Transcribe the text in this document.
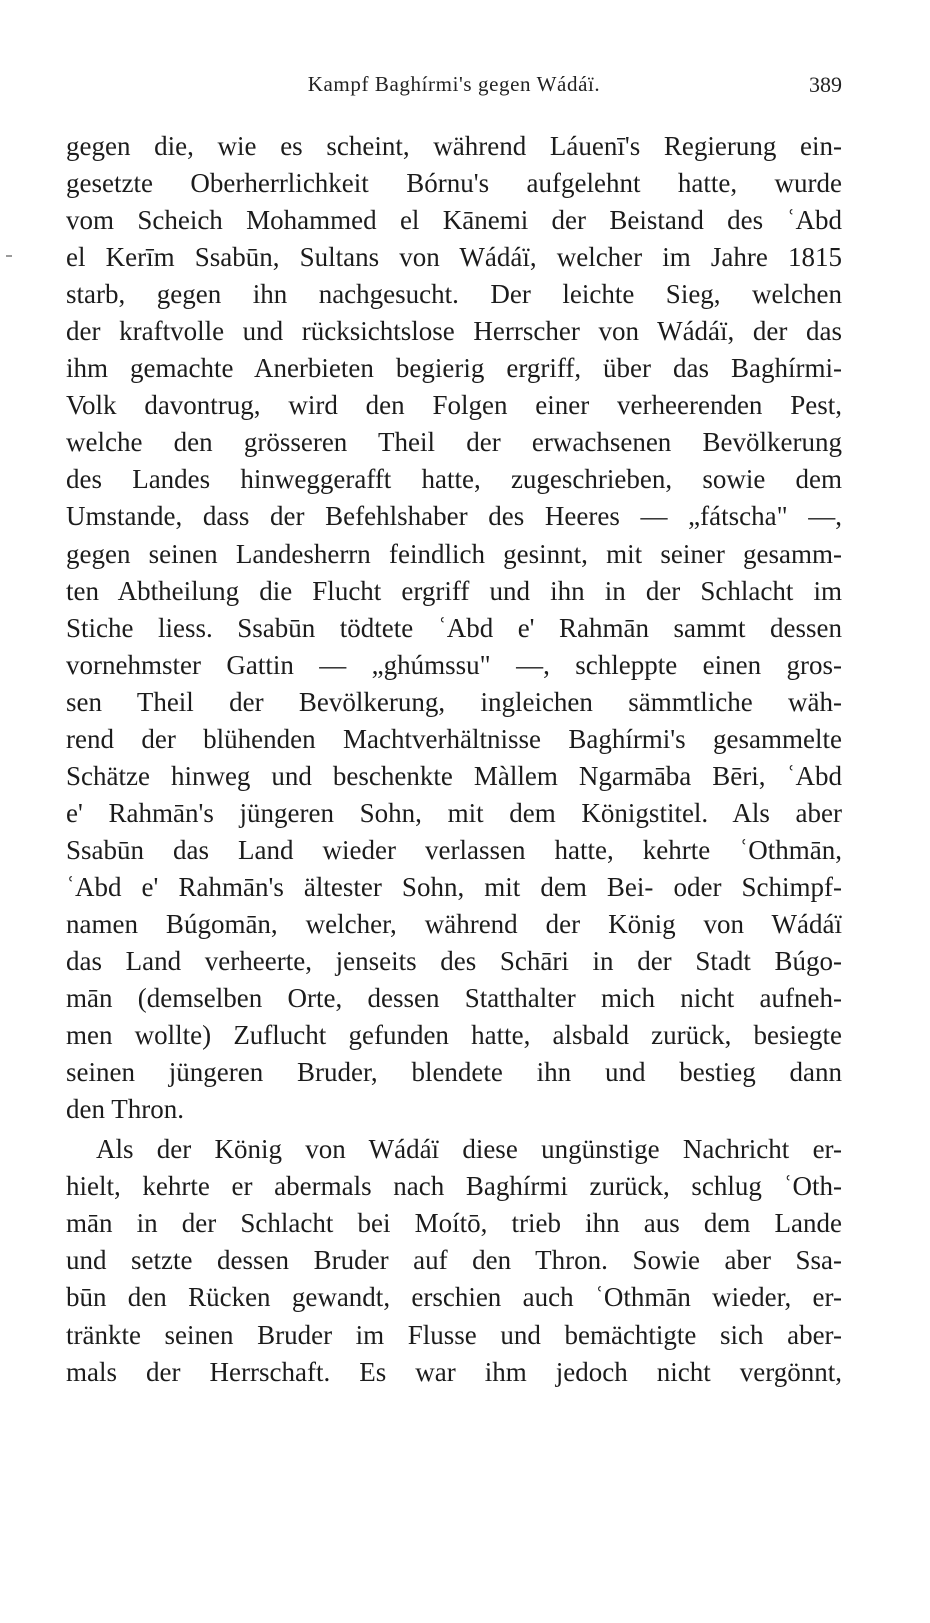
Kampf Baghírmi's gegen Wádáï.	389
gegen die, wie es scheint, während Láuenī's Regierung ein-
gesetzte Oberherrlichkeit Bórnu's aufgelehnt hatte, wurde
vom Scheich Mohammed el Kānemi der Beistand des ʿAbd
el Kerīm Ssabūn, Sultans von Wádáï, welcher im Jahre 1815
starb, gegen ihn nachgesucht. Der leichte Sieg, welchen
der kraftvolle und rücksichtslose Herrscher von Wádáï, der das
ihm gemachte Anerbieten begierig ergriff, über das Baghírmi-
Volk davontrug, wird den Folgen einer verheerenden Pest,
welche den grösseren Theil der erwachsenen Bevölkerung
des Landes hinweggerafft hatte, zugeschrieben, sowie dem
Umstande, dass der Befehlshaber des Heeres — „fátscha" —,
gegen seinen Landesherrn feindlich gesinnt, mit seiner gesamm-
ten Abtheilung die Flucht ergriff und ihn in der Schlacht im
Stiche liess. Ssabūn tödtete ʿAbd e' Rahmān sammt dessen
vornehmster Gattin — „ghúmssu" —, schleppte einen gros-
sen Theil der Bevölkerung, ingleichen sämmtliche wäh-
rend der blühenden Machtverhältnisse Baghírmi's gesammelte
Schätze hinweg und beschenkte Màllem Ngarmāba Bēri, ʿAbd
e' Rahmān's jüngeren Sohn, mit dem Königstitel. Als aber
Ssabūn das Land wieder verlassen hatte, kehrte ʿOthmān,
ʿAbd e' Rahmān's ältester Sohn, mit dem Bei- oder Schimpf-
namen Búgomān, welcher, während der König von Wádáï
das Land verheerte, jenseits des Schāri in der Stadt Búgo-
mān (demselben Orte, dessen Statthalter mich nicht aufneh-
men wollte) Zuflucht gefunden hatte, alsbald zurück, besiegte
seinen jüngeren Bruder, blendete ihn und bestieg dann
den Thron.
Als der König von Wádáï diese ungünstige Nachricht er-
hielt, kehrte er abermals nach Baghírmi zurück, schlug ʿOth-
mān in der Schlacht bei Moítō, trieb ihn aus dem Lande
und setzte dessen Bruder auf den Thron. Sowie aber Ssa-
būn den Rücken gewandt, erschien auch ʿOthmān wieder, er-
tränkte seinen Bruder im Flusse und bemächtigte sich aber-
mals der Herrschaft. Es war ihm jedoch nicht vergönnt,
